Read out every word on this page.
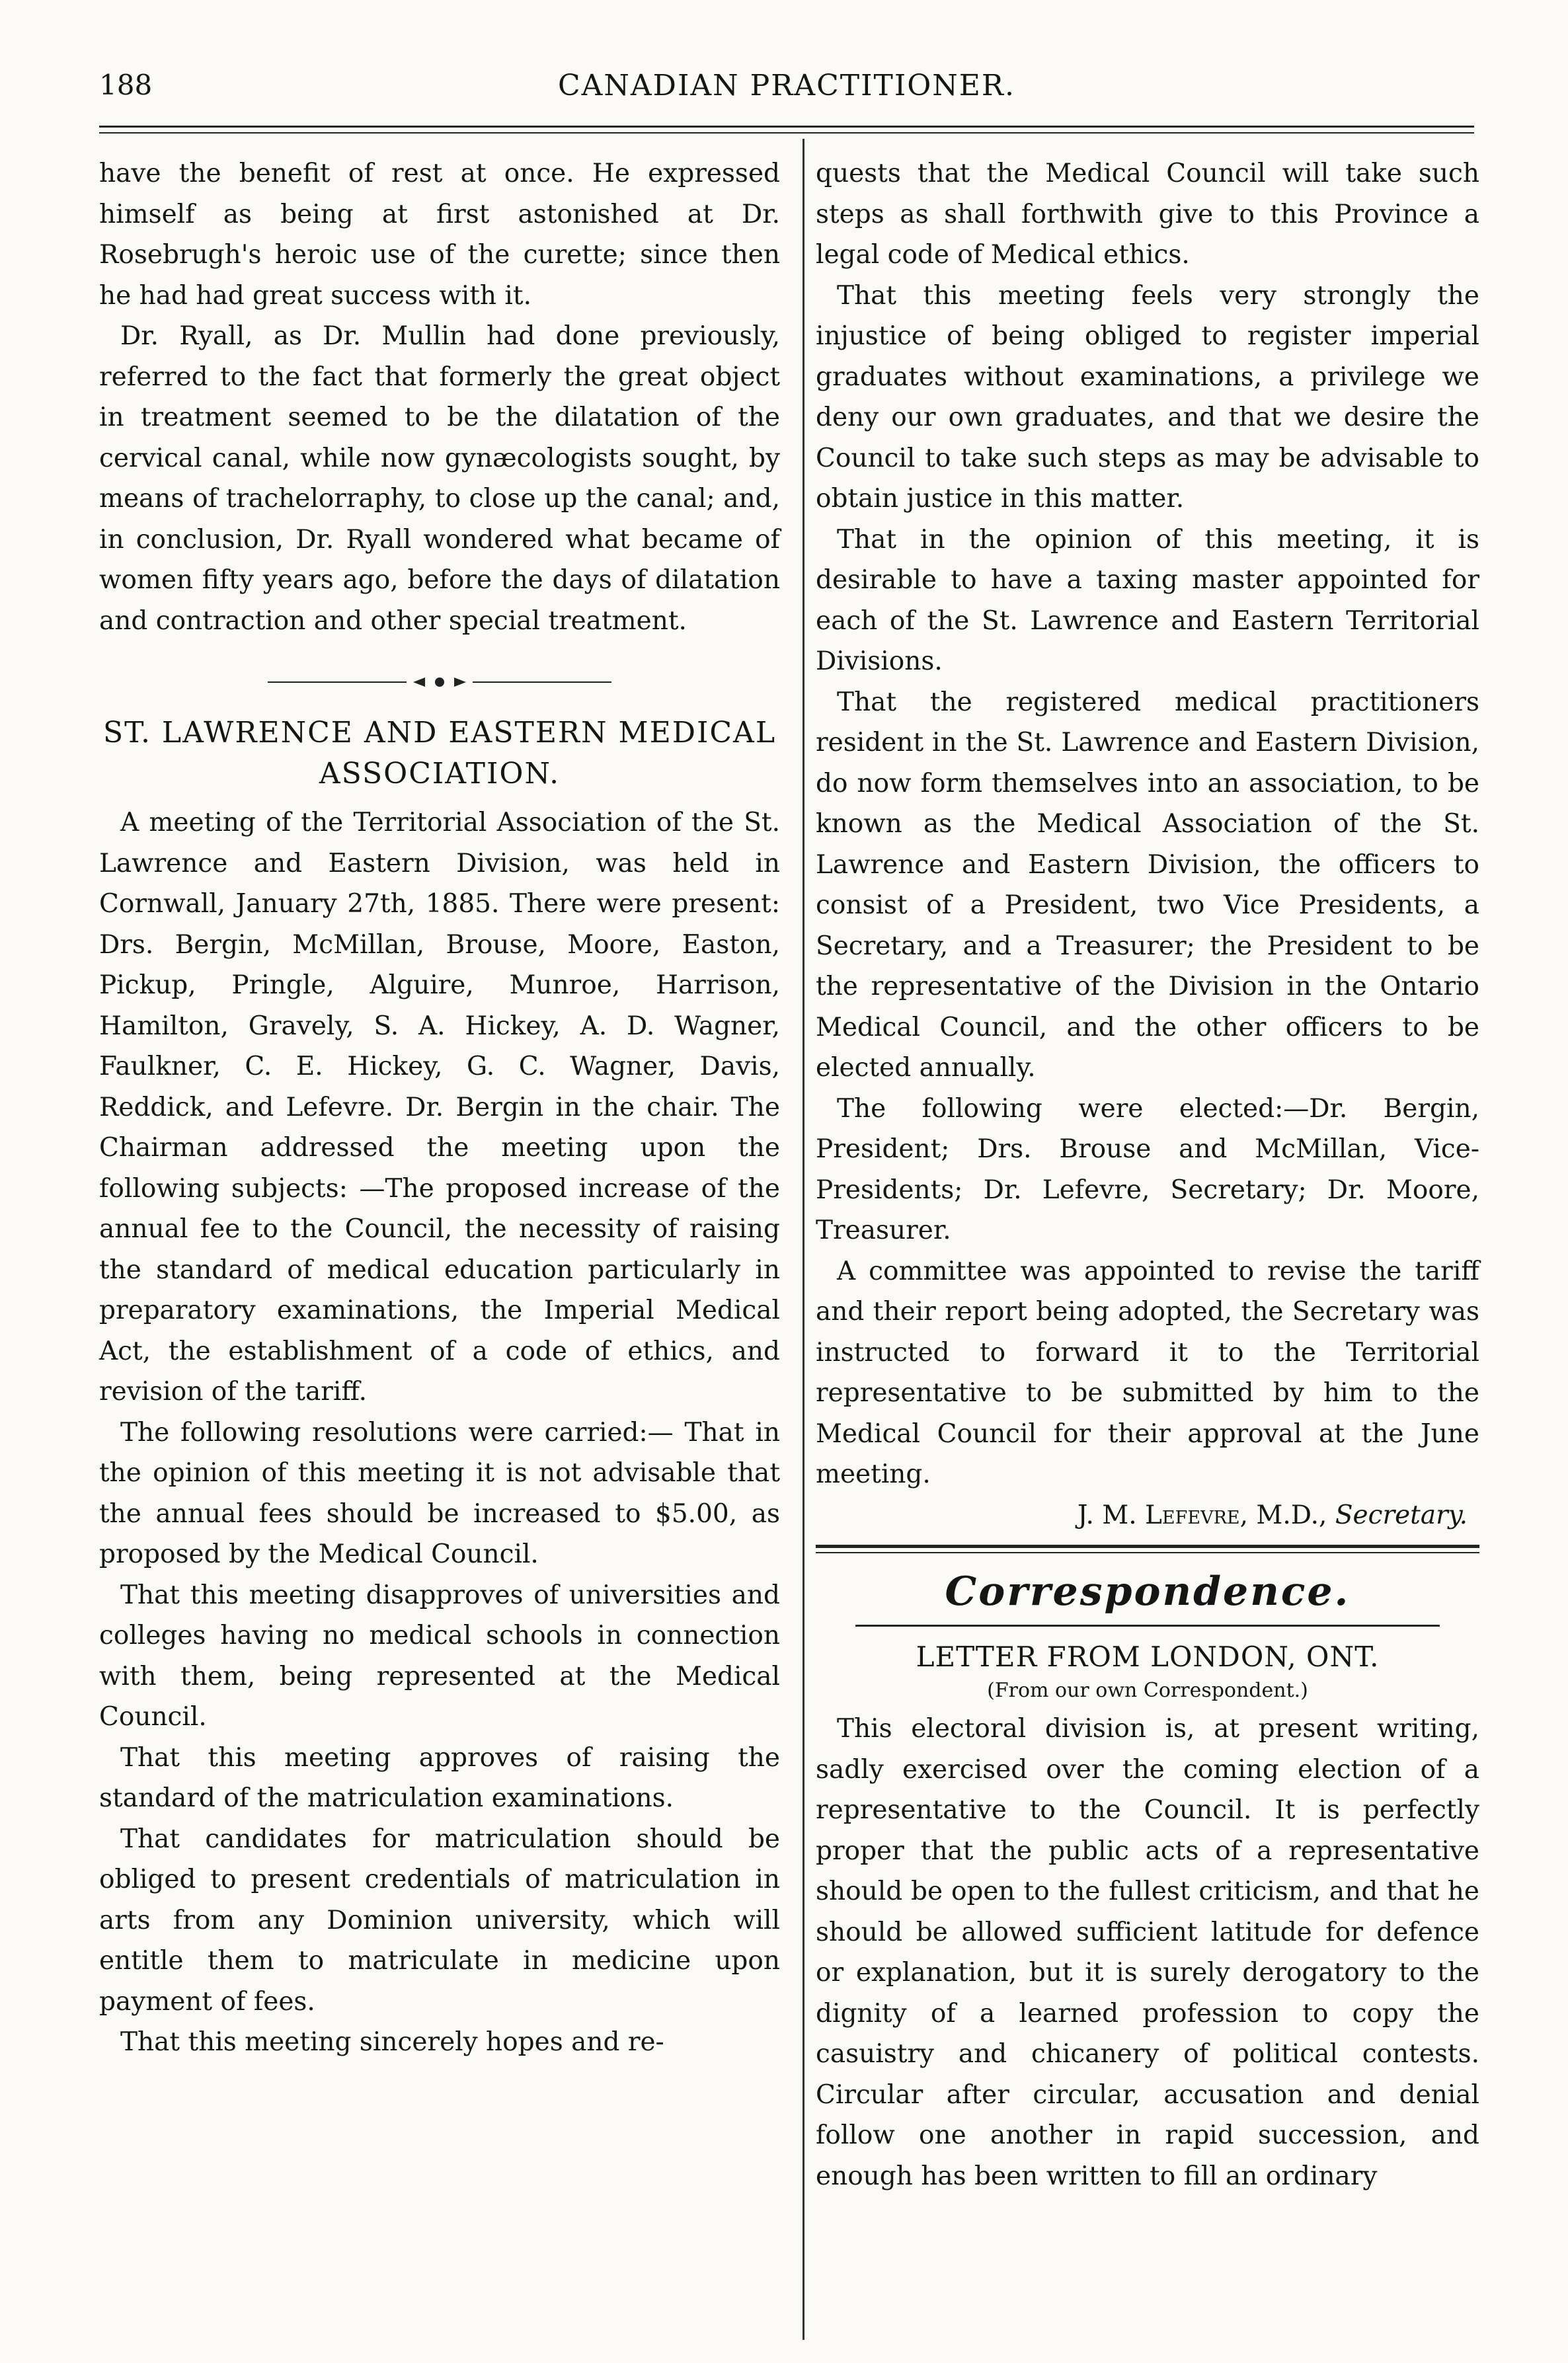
188	CANADIAN PRACTITIONER.

have the benefit of rest at once. He expressed himself as being at first astonished at Dr. Rosebrugh's heroic use of the curette; since then he had had great success with it.

Dr. Ryall, as Dr. Mullin had done previously, referred to the fact that formerly the great object in treatment seemed to be the dilatation of the cervical canal, while now gynæcologists sought, by means of trachelorraphy, to close up the canal; and, in conclusion, Dr. Ryall wondered what became of women fifty years ago, before the days of dilatation and contraction and other special treatment.

ST. LAWRENCE AND EASTERN MEDICAL ASSOCIATION.

A meeting of the Territorial Association of the St. Lawrence and Eastern Division, was held in Cornwall, January 27th, 1885. There were present: Drs. Bergin, McMillan, Brouse, Moore, Easton, Pickup, Pringle, Alguire, Munroe, Harrison, Hamilton, Gravely, S. A. Hickey, A. D. Wagner, Faulkner, C. E. Hickey, G. C. Wagner, Davis, Reddick, and Lefevre. Dr. Bergin in the chair. The Chairman addressed the meeting upon the following subjects: —The proposed increase of the annual fee to the Council, the necessity of raising the standard of medical education particularly in preparatory examinations, the Imperial Medical Act, the establishment of a code of ethics, and revision of the tariff.

The following resolutions were carried:— That in the opinion of this meeting it is not advisable that the annual fees should be increased to $5.00, as proposed by the Medical Council.

That this meeting disapproves of universities and colleges having no medical schools in connection with them, being represented at the Medical Council.

That this meeting approves of raising the standard of the matriculation examinations.

That candidates for matriculation should be obliged to present credentials of matriculation in arts from any Dominion university, which will entitle them to matriculate in medicine upon payment of fees.

That this meeting sincerely hopes and re-

quests that the Medical Council will take such steps as shall forthwith give to this Province a legal code of Medical ethics.

That this meeting feels very strongly the injustice of being obliged to register imperial graduates without examinations, a privilege we deny our own graduates, and that we desire the Council to take such steps as may be advisable to obtain justice in this matter.

That in the opinion of this meeting, it is desirable to have a taxing master appointed for each of the St. Lawrence and Eastern Territorial Divisions.

That the registered medical practitioners resident in the St. Lawrence and Eastern Division, do now form themselves into an association, to be known as the Medical Association of the St. Lawrence and Eastern Division, the officers to consist of a President, two Vice Presidents, a Secretary, and a Treasurer; the President to be the representative of the Division in the Ontario Medical Council, and the other officers to be elected annually.

The following were elected:—Dr. Bergin, President; Drs. Brouse and McMillan, Vice-Presidents; Dr. Lefevre, Secretary; Dr. Moore, Treasurer.

A committee was appointed to revise the tariff and their report being adopted, the Secretary was instructed to forward it to the Territorial representative to be submitted by him to the Medical Council for their approval at the June meeting.

J. M. Lefevre, M.D., Secretary.
Correspondence.
LETTER FROM LONDON, ONT.
(From our own Correspondent.)

This electoral division is, at present writing, sadly exercised over the coming election of a representative to the Council. It is perfectly proper that the public acts of a representative should be open to the fullest criticism, and that he should be allowed sufficient latitude for defence or explanation, but it is surely derogatory to the dignity of a learned profession to copy the casuistry and chicanery of political contests. Circular after circular, accusation and denial follow one another in rapid succession, and enough has been written to fill an ordinary
